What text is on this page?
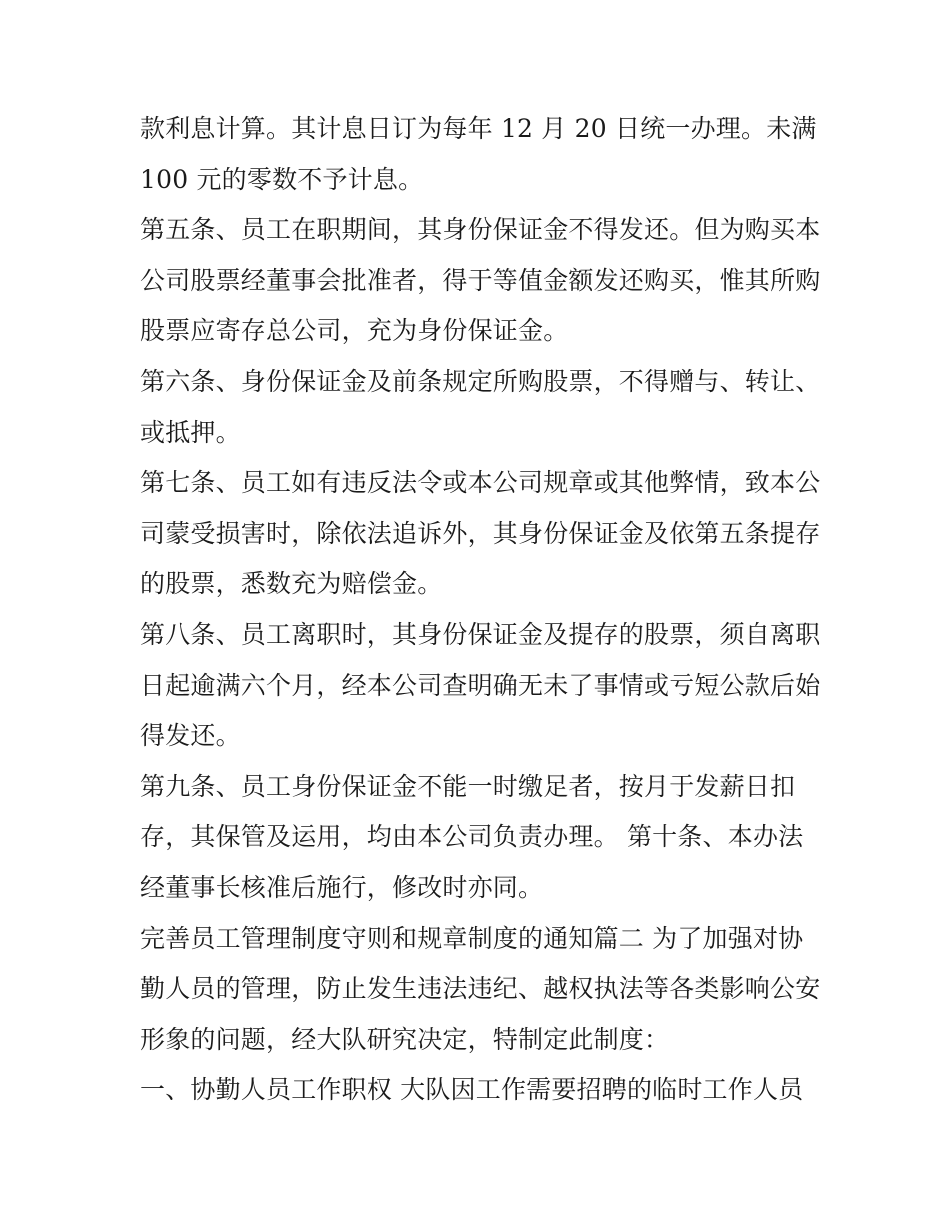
款利息计算。其计息日订为每年 12 月 20 日统一办理。未满
100 元的零数不予计息。
第五条、员工在职期间，其身份保证金不得发还。但为购买本
公司股票经董事会批准者，得于等值金额发还购买，惟其所购
股票应寄存总公司，充为身份保证金。
第六条、身份保证金及前条规定所购股票，不得赠与、转让、
或抵押。
第七条、员工如有违反法令或本公司规章或其他弊情，致本公
司蒙受损害时，除依法追诉外，其身份保证金及依第五条提存
的股票，悉数充为赔偿金。
第八条、员工离职时，其身份保证金及提存的股票，须自离职
日起逾满六个月，经本公司查明确无未了事情或亏短公款后始
得发还。
第九条、员工身份保证金不能一时缴足者，按月于发薪日扣
存，其保管及运用，均由本公司负责办理。 第十条、本办法
经董事长核准后施行，修改时亦同。
完善员工管理制度守则和规章制度的通知篇二 为了加强对协
勤人员的管理，防止发生违法违纪、越权执法等各类影响公安
形象的问题，经大队研究决定，特制定此制度：
一、协勤人员工作职权 大队因工作需要招聘的临时工作人员
